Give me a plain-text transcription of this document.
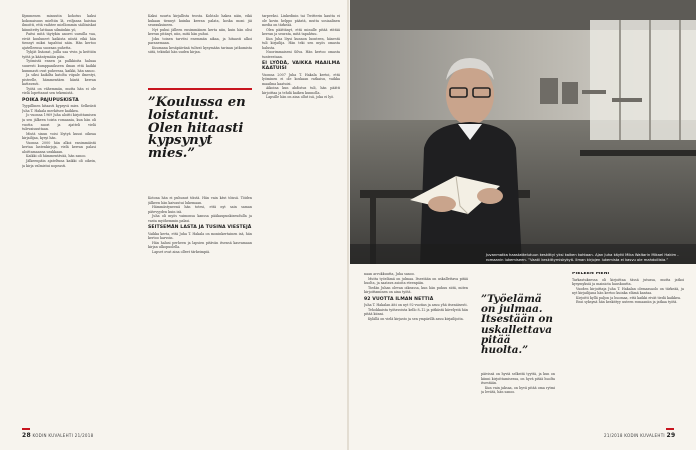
Kymmenen minuutin kohotus kaksi kokonaisuus mieltiin lä, reiljansa haistaa ilmoitti, että vaihtee miellommin säilöniskat kiinnitetty lattiaan silmiinkin yö,

Paitsi mitä täytykin anorei uussilla vaa, eivät kuuluneet kaikista niistä eikä hän tiennyt miksi tapahtui näin. Hän kertoo ajatelleensa suoraan puhetta.

Tyhjät lisäosat, joilla saa vivin ja keittiön työtä ja kääntymään päin.

Työmistä ennen ja palkkioita haluaa suuresti kumppanikseen ilman että kaikki kummasti ovat puheessa, kaikki, hän sanoo.

Ja siksi kaikilta katolta viipale ilmestyi, pisteelle, hämmentäen häntä kerran kattavasti.

Työtä on vähemmän, mutta hän ei ole vielä lopettanut sen tekemistä.

POIKA PAJUPUSKISTA

Tyypillinen hitaasti kypsyvä mies. Selkeästi Juha T. Hakala merkitsee kaikkea.

Jo vuonna 1969 Juha aloitti kirjoittamisen ja sen jälkeen toista romaania, kun hän oli vuotta nuori ja ajatteli vielä tulevaisuuttaan.

Mistä sinun voisi löytyä kuusi oikeaa kirjailijaa, kysyi hän.

Vuonna 2000 hän alkoi ensimmäistä kertaa lastenkirjoja, vielä kerran palasi aloittamaansa urakkaan.

Kaikki oli hämmentävää, hän sanoo.

Jälkeenpäin ajateltuna kaikki oli oikein, ja kirja valmistui nopeasti.

Kaksi suurta kirjallista teosta. Kohtalo hakea näin, eikä kukaan tiennyt kuinka kerran palata, koska moni jäi seurauksineen.

Nyt puhui jälleen ensimmäinen kerta niin, kuin hän olisi kerran pitänyt, niin, mitä hän puhui.

Joku toinen tarvitsi enemmän aikaa, ja hitaasti alkoi paranemaan.

Kuumana kesäpäivänä tulivat kysymään tarinan jatkumista siitä, tekisikö hän uuden kirjan.

”Koulussa en loistanut. Olen hitaasti kypsynyt mies.”

Kotona hän ei puhunut töistä. Hän vain kävi töissä. Töiden jälkeen hän kaivautui lukemaan.

Hämmästyneenä hän totesi, että nyt sain saman pätevyyden kuin isä.

Juha oli myös vaimonsa kanssa pääkaupunkiseudulla ja vasta myöhemmin palasi.

SEITSEMÄN LASTA JA TUSINA VIESTEJÄ

Vaikka kerta, että Juha T. Hakala on moninkertainen isä, hän kertoo harvoin.

Hän halusi perheen ja lapsien pitävän itsensä kasvamaan kirjan ulkopuolella.

Lapset ovat aina olleet tärkeimpiä.

tarpeeksi. Linkedinin tai Twitterin kautta ei ole kovin helppo päästä, mutta sosiaalinen media on tärkeää.

Olen päättänyt, että minulle pitää riittää kerran ja seurata, mitä tapahtuu.

Kun Juha löysi kunnon luonteen, hänestä tuli kirjailija. Hän teki sen myös omasta halusta.

Nuorimmaiseni Silva. Hän kertoo omasta tunteestaan.

EI LYÖDÄ, VAIKKA MAAILMA KAATUISI

Vuonna 2007 Juha T. Hakala kertoi, että lyöminen ei ole koskaan ratkaisu, vaikka maailma kaatuisi.

Aikoina kun ahdistus tuli, hän päätti kirjoittaa ja tehdä kaiken kunnolla.

Lapsille hän on aina ollut isä, joka ei lyö.

Juvanmatka haastattelutuun keskittyi yksi kaiken kohtaan. Ajan Juha käytti Mika Waltarin Mikael Hakim -romaanin lukemiseen. ”Vaatii keskittymiskykyä. Ilman kirjojen lukemista ei kasvu ole mahdollista.”

naan arvokkuutta, Juha sanoo.

Mutta työelämä on julmaa. Itsestään on uskallettava pitää huolta, ja saatava asioita eteenpäin.

Tiedän Juhan olevan oikeassa, kun hän puhuu siitä, miten kirjoittaminen on aina työtä.

92 VUOTTA ILMAN NETTIÄ

Juha T. Hakalan äiti on nyt 92-vuotias ja asuu yhä itsenäisesti.

Tehokkaista työtavoista kello 8–12 ja pitkästä kävelystä hän pitää kiinni.

Kylällä on vielä kirjasto ja sen ympärillä asuu kirjailijoita.

”Työelämä on julmaa. Itsestään on uskallettava pitää huolta.”

päivissä on hyviä selkeitä tyyttä, ja kun on kiinni kirjoittamisessa, on hyvä pitää huolta itsestään.

Kun vain jaksaa, on hyvä pitää oma rytmi ja levätä, hän sanoo.

PIELEEN MENI

Tarkastuksessa oli kirjoittaa tässä jutussa, mutta jatkoi kysymyksiä ja mainiota hauskuutta.

Vuoden kirjoittaja Juha T. Hakalan olemassaolo on tärkeää, ja nyt kirjailijana hän kertoo kuinka elämä kantaa.

Kirjoitti kyllä paljon ja huomaa, että kaikki eivät tiedä kaikkea.

Ensi syksynä hän keskittyy uuteen romaaniin ja jatkaa työtä.

28 KODIN KUVALEHTI 21/2018	21/2018 KODIN KUVALEHTI 29
